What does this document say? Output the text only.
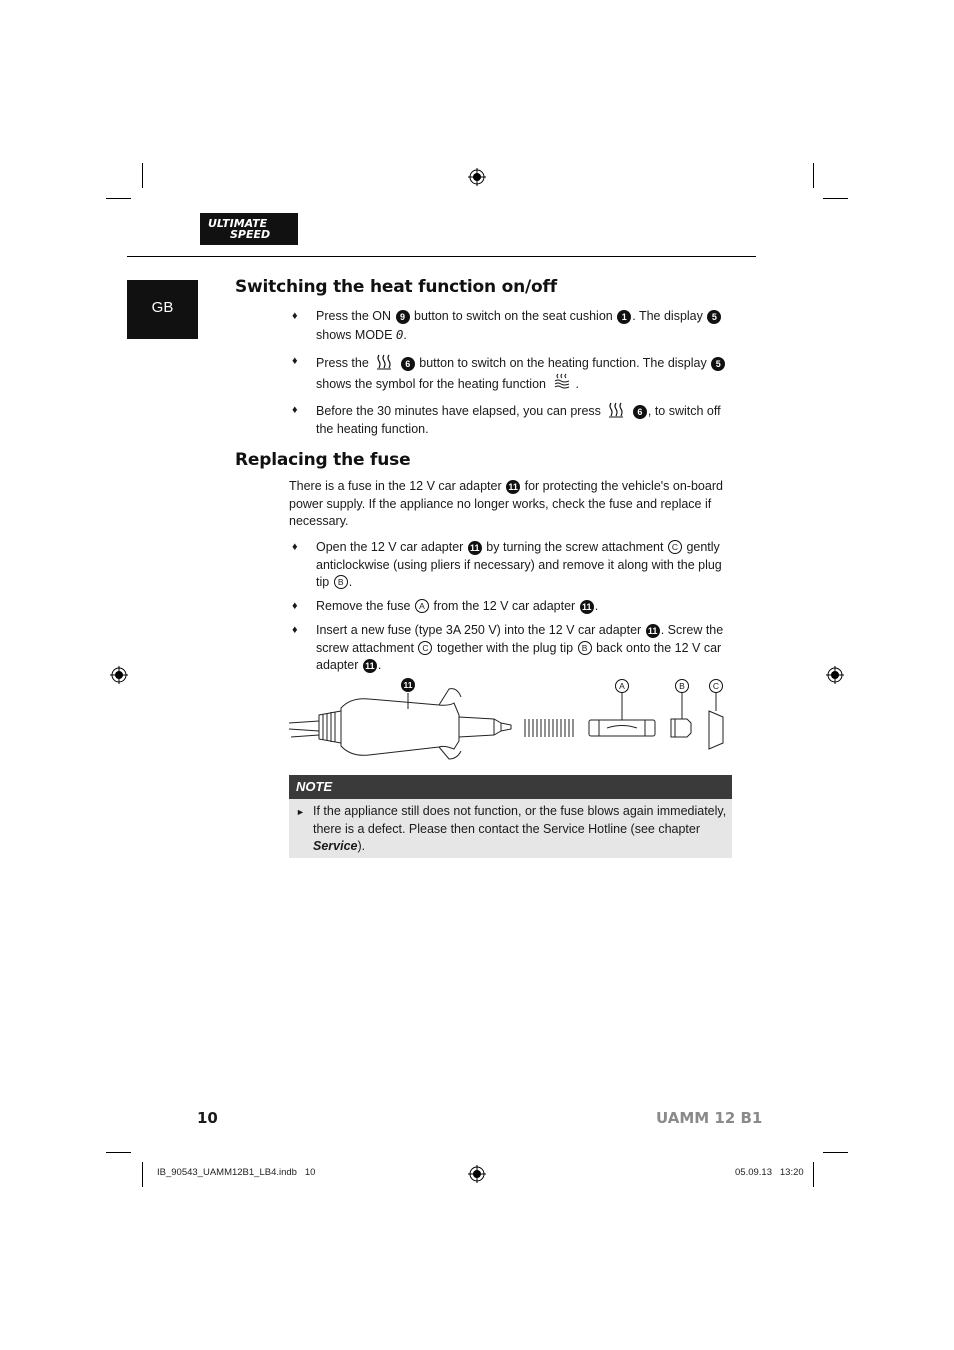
ULTIMATE
SPEED
GB
Switching the heat function on/off
♦ Press the ON 9 button to switch on the seat cushion 1 . The display 5 shows MODE 0.
♦ Press the	6 button to switch on the heating function. The display 5 shows the symbol for the heating function .
♦ Before the 30 minutes have elapsed, you can press	6 , to switch off the heating function.
Replacing the fuse
There is a fuse in the 12 V car adapter 11 for protecting the vehicle's on-board power supply. If the appliance no longer works, check the fuse and replace if necessary.
♦ Open the 12 V car adapter 11 by turning the screw attachment C gently anticlockwise (using pliers if necessary) and remove it along with the plug tip B .
♦ Remove the fuse A from the 12 V car adapter 11 .
♦ Insert a new fuse (type 3A 250 V) into the 12 V car adapter 11 . Screw the screw attachment C together with the plug tip B back onto the 12 V car adapter 11 .
11	A	B	C
NOTE
► If the appliance still does not function, or the fuse blows again immediately, there is a defect. Please then contact the Service Hotline (see chapter Service).
10	UAMM 12 B1
IB_90543_UAMM12B1_LB4.indb   10	05.09.13   13:20
